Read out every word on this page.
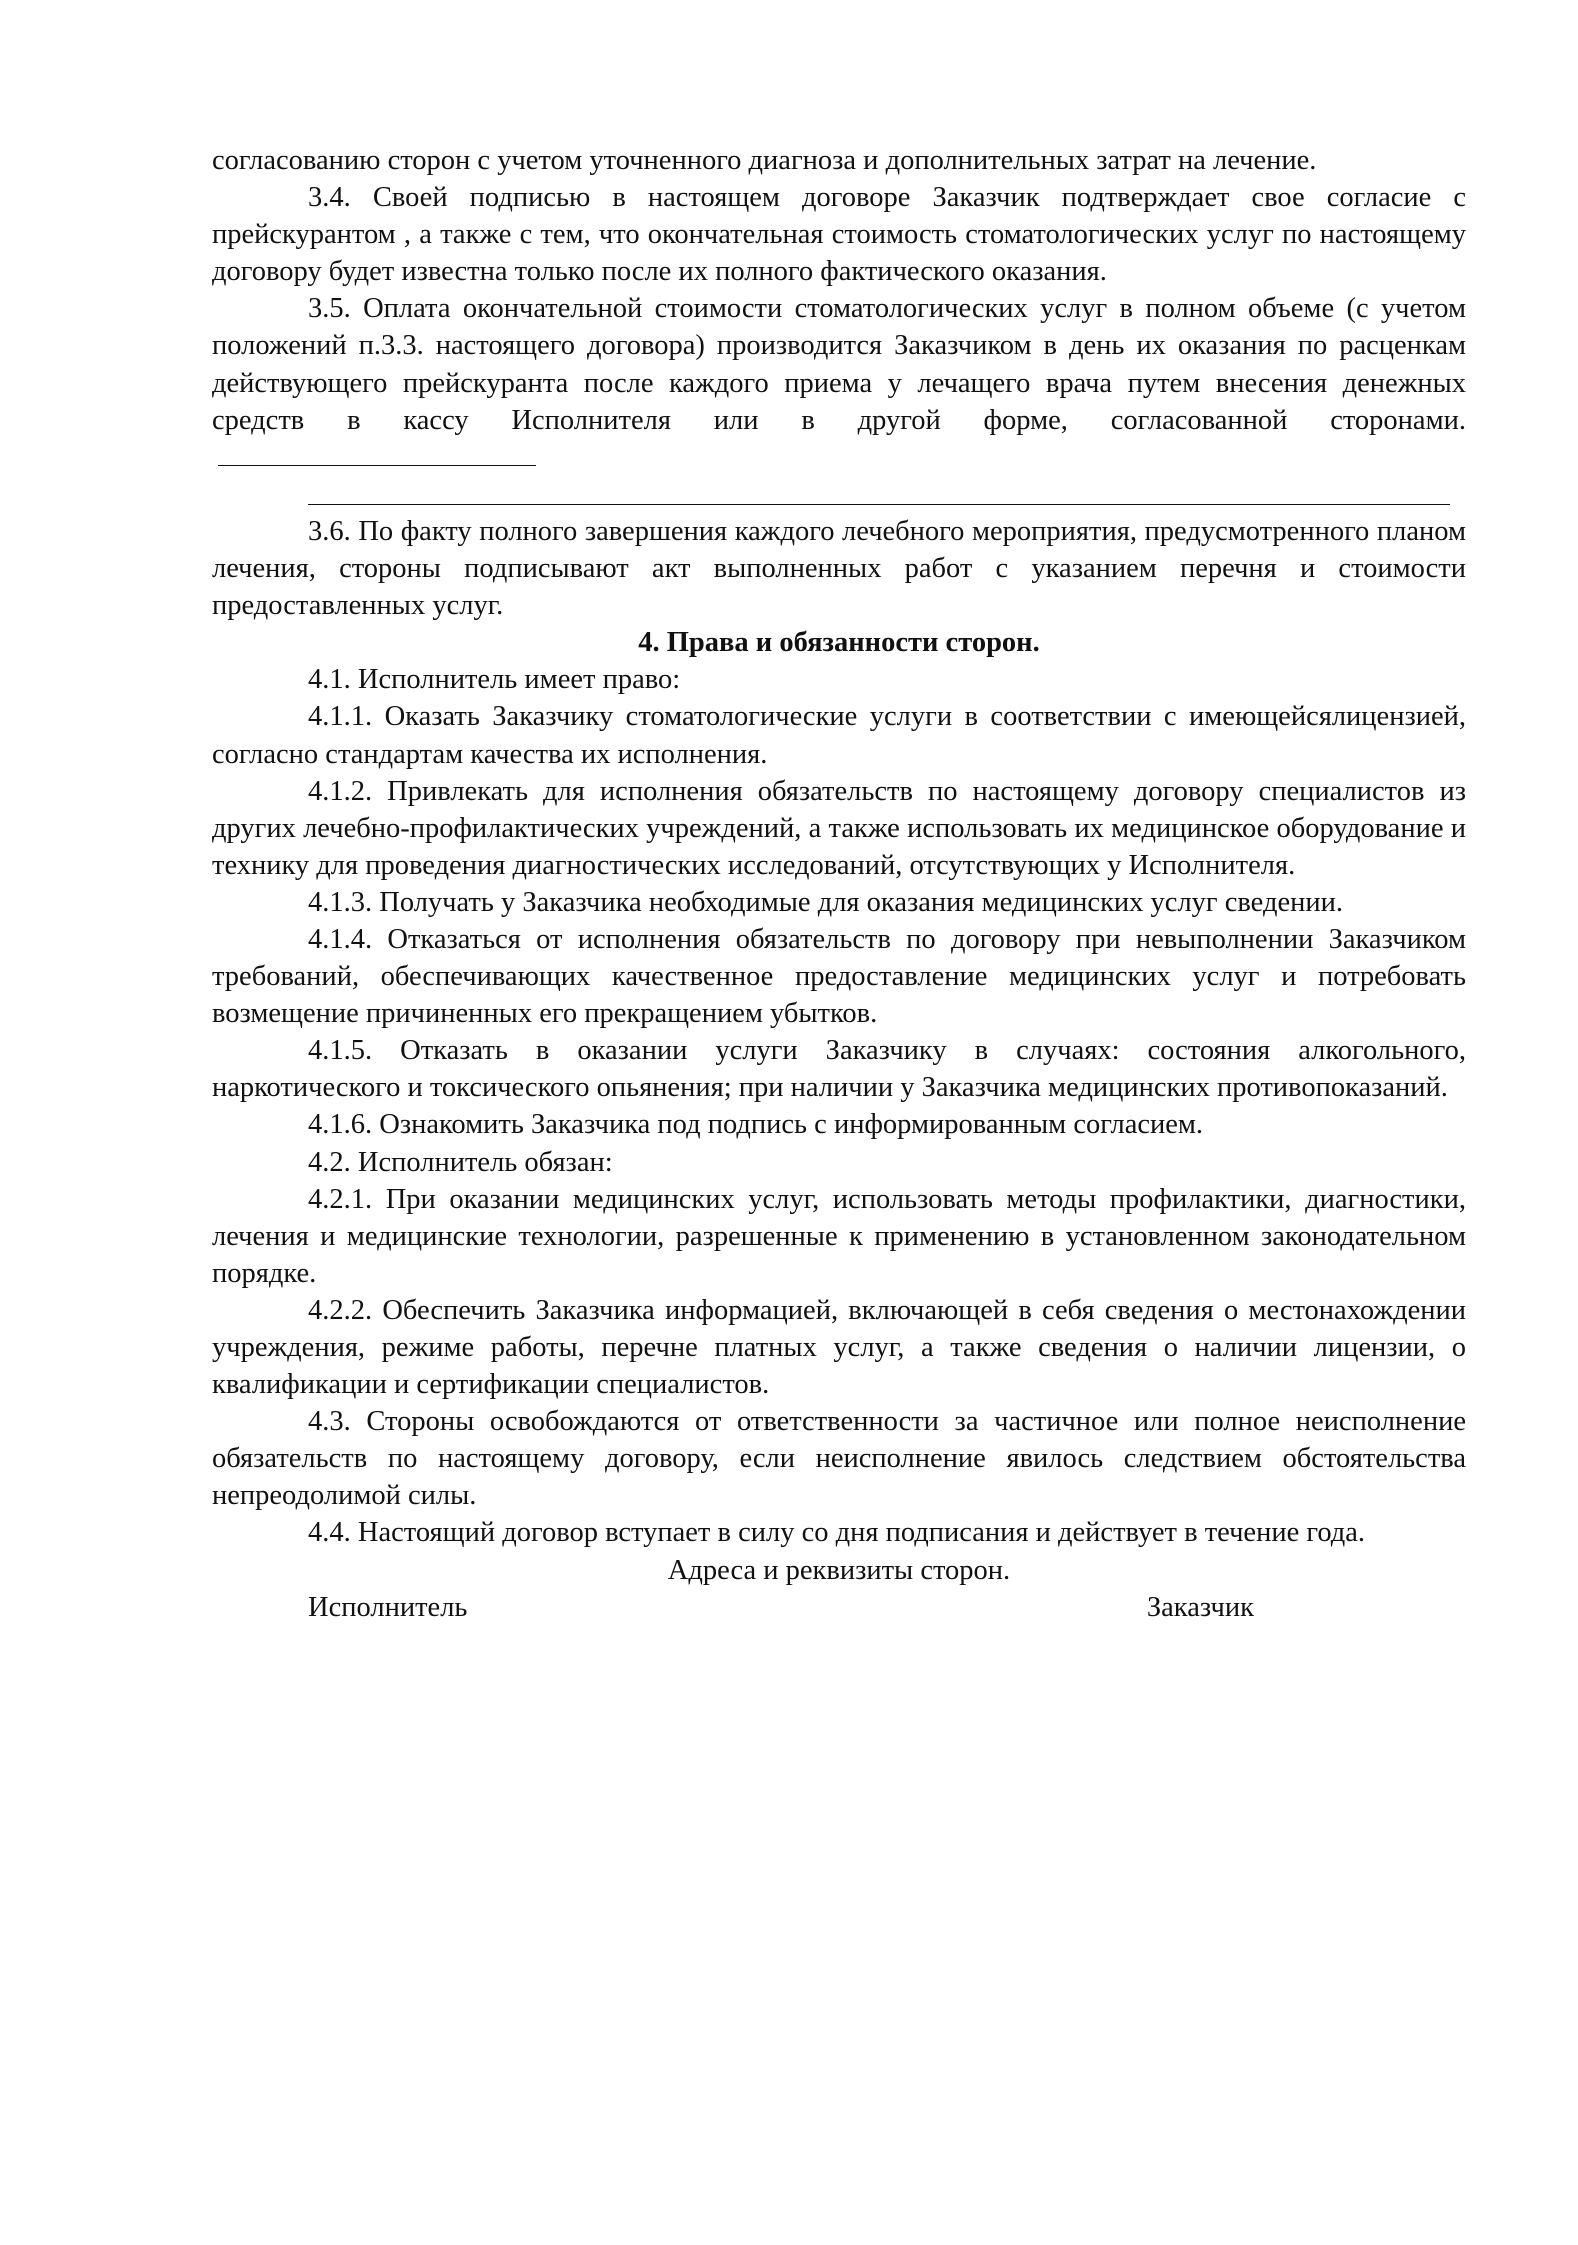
согласованию сторон с учетом уточненного диагноза и дополнительных затрат на лечение.

3.4. Своей подписью в настоящем договоре Заказчик подтверждает свое согласие с прейскурантом , а также с тем, что окончательная стоимость стоматологических услуг по настоящему договору будет известна только после их полного фактического оказания.

3.5. Оплата окончательной стоимости стоматологических услуг в полном объеме (с учетом положений п.3.3. настоящего договора) производится Заказчиком в день их оказания по расценкам действующего прейскуранта после каждого приема у лечащего врача путем внесения денежных средств в кассу Исполнителя или в другой форме, согласованной сторонами.

3.6. По факту полного завершения каждого лечебного мероприятия, предусмотренного планом лечения, стороны подписывают акт выполненных работ с указанием перечня и стоимости предоставленных услуг.

4. Права и обязанности сторон.

4.1. Исполнитель имеет право:

4.1.1. Оказать Заказчику стоматологические услуги в соответствии с имеющейсялицензией, согласно стандартам качества их исполнения.

4.1.2. Привлекать для исполнения обязательств по настоящему договору специалистов из других лечебно-профилактических учреждений, а также использовать их медицинское оборудование и технику для проведения диагностических исследований, отсутствующих у Исполнителя.

4.1.3. Получать у Заказчика необходимые для оказания медицинских услуг сведении.

4.1.4. Отказаться от исполнения обязательств по договору при невыполнении Заказчиком требований, обеспечивающих качественное предоставление медицинских услуг и потребовать возмещение причиненных его прекращением убытков.

4.1.5. Отказать в оказании услуги Заказчику в случаях: состояния алкогольного, наркотического и токсического опьянения; при наличии у Заказчика медицинских противопоказаний.

4.1.6. Ознакомить Заказчика под подпись с информированным согласием.

4.2. Исполнитель обязан:

4.2.1. При оказании медицинских услуг, использовать методы профилактики, диагностики, лечения и медицинские технологии, разрешенные к применению в установленном законодательном порядке.

4.2.2. Обеспечить Заказчика информацией, включающей в себя сведения о местонахождении учреждения, режиме работы, перечне платных услуг, а также сведения о наличии лицензии, о квалификации и сертификации специалистов.

4.3. Стороны освобождаются от ответственности за частичное или полное неисполнение обязательств по настоящему договору, если неисполнение явилось следствием обстоятельства непреодолимой силы.

4.4. Настоящий договор вступает в силу со дня подписания и действует в течение года.

Адреса и реквизиты сторон.

Исполнитель	Заказчик
